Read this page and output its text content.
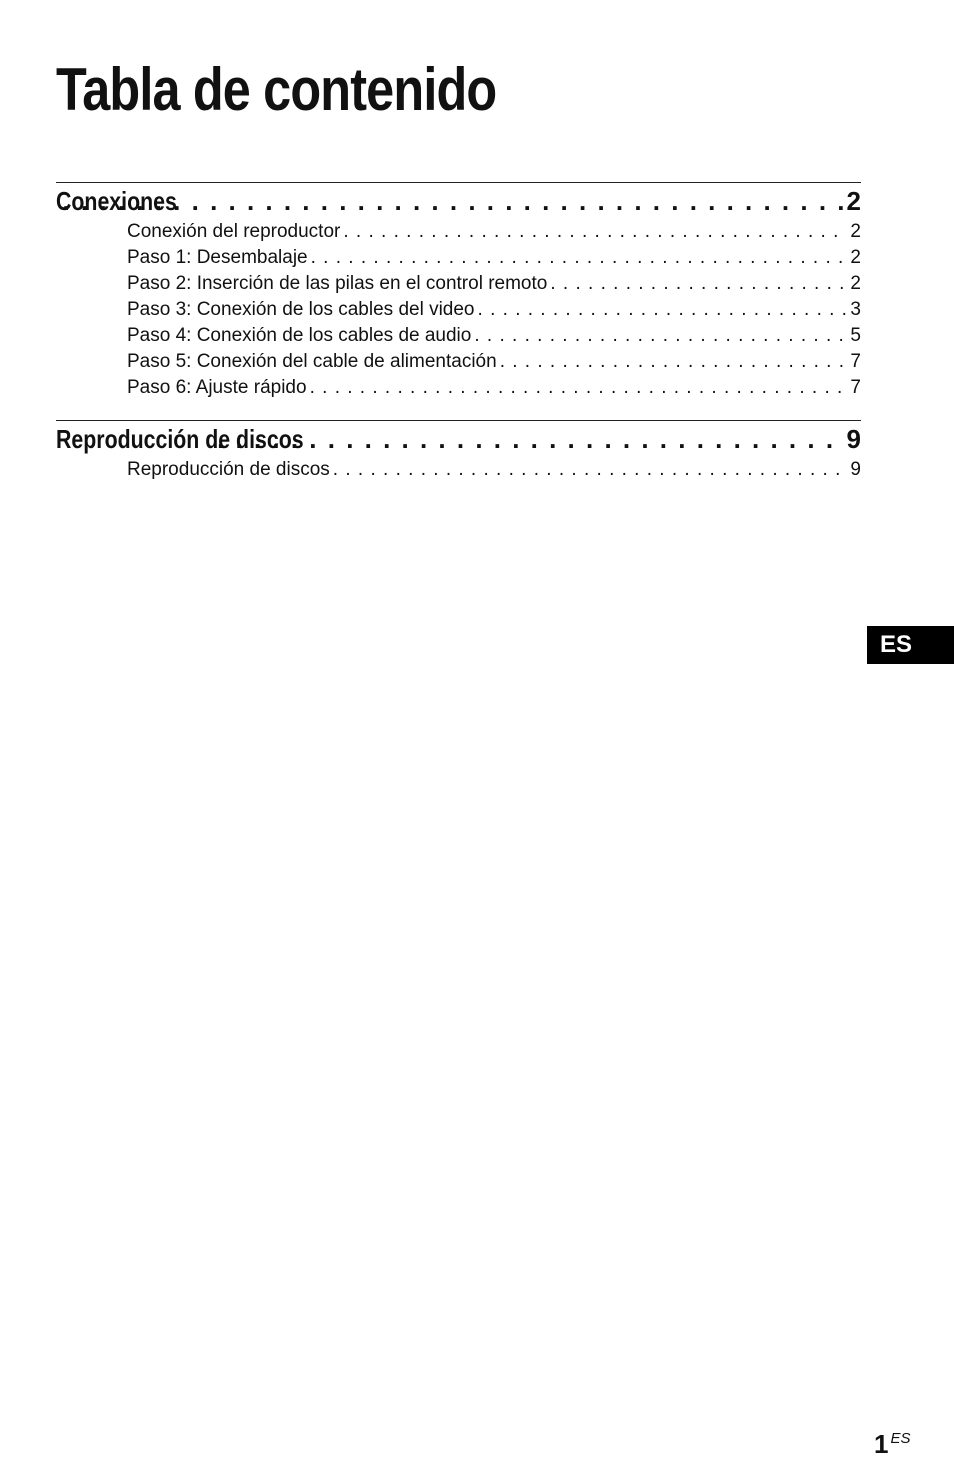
Tabla de contenido
Conexiones . . .	2
Conexión del reproductor . . .	2
Paso 1: Desembalaje . . .	2
Paso 2: Inserción de las pilas en el control remoto . . .	2
Paso 3: Conexión de los cables del video . . .	3
Paso 4: Conexión de los cables de audio . . .	5
Paso 5: Conexión del cable de alimentación . . .	7
Paso 6: Ajuste rápido . . .	7
Reproducción de discos . . .	9
Reproducción de discos . . .	9
ES
1 $^{ES}$
